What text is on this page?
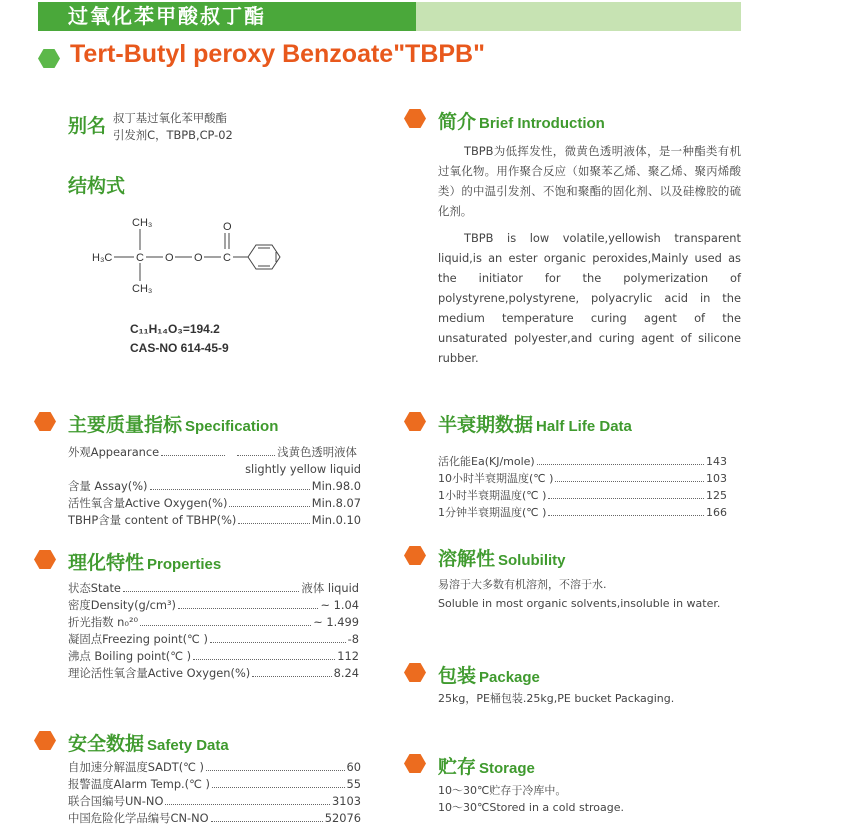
过氧化苯甲酸叔丁酯
Tert-Butyl peroxy Benzoate"TBPB"
别名 叔丁基过氧化苯甲酸酯
引发剂C，TBPB,CP-02
结构式
CH₃
H₃C C O O C
O
CH₃
C₁₁H₁₄O₃=194.2
CAS-NO 614-45-9
简介 Brief Introduction
TBPB为低挥发性，微黄色透明液体，是一种酯类有机过氧化物。用作聚合反应（如聚苯乙烯、聚乙烯、聚丙烯酸类）的中温引发剂、不饱和聚酯的固化剂、以及硅橡胶的硫化剂。
TBPB is low volatile,yellowish transparent liquid,is an ester organic peroxides,Mainly used as the initiator for the polymerization of polystyrene,polystyrene, polyacrylic acid in the medium temperature curing agent of the unsaturated polyester,and curing agent of silicone rubber.
主要质量指标 Specification
外观Appearance	浅黄色透明液体
slightly yellow liquid
含量 Assay(%)	Min.98.0
活性氧含量Active Oxygen(%)	Min.8.07
TBHP含量 content of TBHP(%)	Min.0.10
半衰期数据 Half Life Data
活化能Ea(KJ/mole)	143
10小时半衰期温度(℃ )	103
1小时半衰期温度(℃ )	125
1分钟半衰期温度(℃ )	166
理化特性 Properties
状态State	液体 liquid
密度Density(g/cm³)	~ 1.04
折光指数 n₀²⁰	~ 1.499
凝固点Freezing point(℃ )	-8
沸点 Boiling point(℃ )	112
理论活性氧含量Active Oxygen(%)	8.24
溶解性 Solubility
易溶于大多数有机溶剂，不溶于水.
Soluble in most organic solvents,insoluble in water.
包装 Package
25kg，PE桶包装.25kg,PE bucket Packaging.
安全数据 Safety Data
自加速分解温度SADT(℃ )	60
报警温度Alarm Temp.(℃ )	55
联合国编号UN-NO	3103
中国危险化学品编号CN-NO	52076
贮存 Storage
10～30℃贮存于冷库中。
10～30℃Stored in a cold stroage.
